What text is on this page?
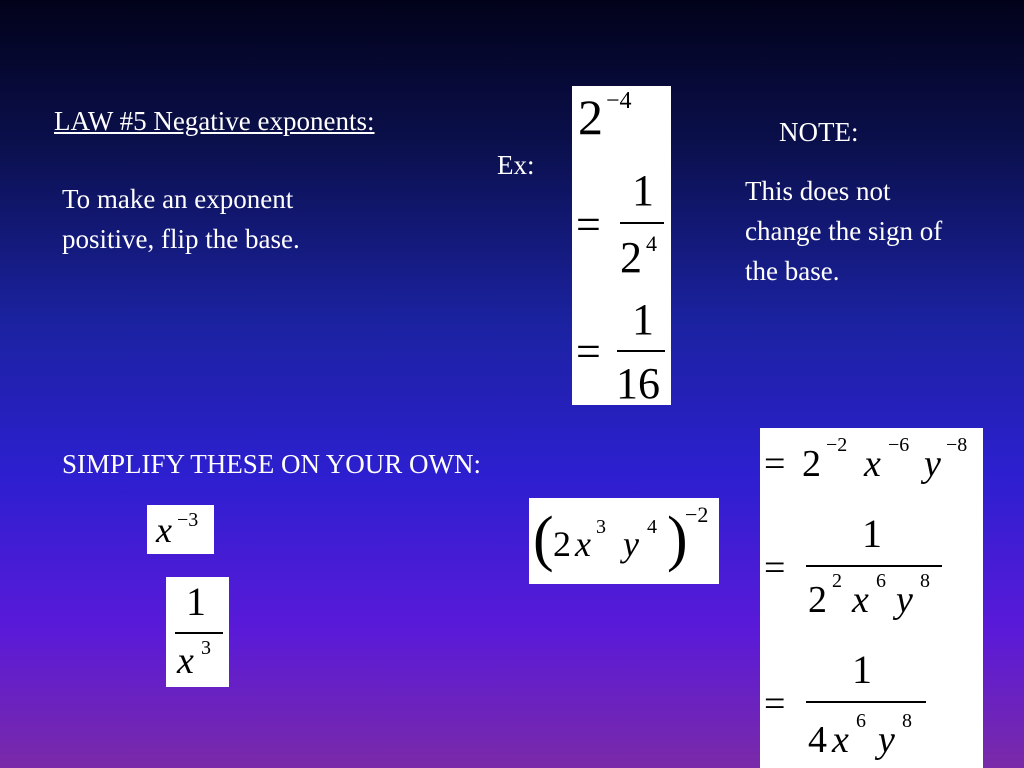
LAW #5 Negative exponents:
To make an exponent
positive, flip the base.
Ex:
NOTE:
This does not
change the sign of
the base.
SIMPLIFY THESE ON YOUR OWN:
2 −4
=
1
2 4
=
1
16
x −3
1
x 3
( 2 x 3 y 4 )
−2
= 2 −2 x −6 y −8
=
1
2 2 x 6 y 8
=
1
4 x 6 y 8
